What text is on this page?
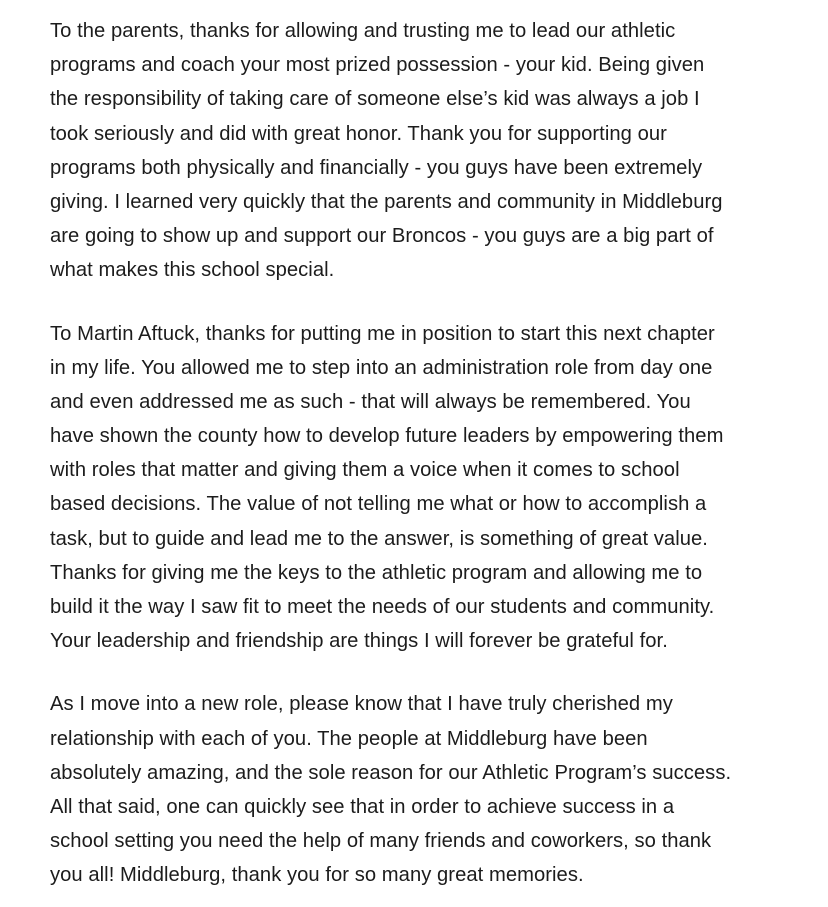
To the parents, thanks for allowing and trusting me to lead our athletic
programs and coach your most prized possession - your kid. Being given
the responsibility of taking care of someone else’s kid was always a job I
took seriously and did with great honor. Thank you for supporting our
programs both physically and financially - you guys have been extremely
giving. I learned very quickly that the parents and community in Middleburg
are going to show up and support our Broncos - you guys are a big part of
what makes this school special.

To Martin Aftuck, thanks for putting me in position to start this next chapter
in my life. You allowed me to step into an administration role from day one
and even addressed me as such - that will always be remembered. You
have shown the county how to develop future leaders by empowering them
with roles that matter and giving them a voice when it comes to school
based decisions. The value of not telling me what or how to accomplish a
task, but to guide and lead me to the answer, is something of great value.
Thanks for giving me the keys to the athletic program and allowing me to
build it the way I saw fit to meet the needs of our students and community.
Your leadership and friendship are things I will forever be grateful for.

As I move into a new role, please know that I have truly cherished my
relationship with each of you. The people at Middleburg have been
absolutely amazing, and the sole reason for our Athletic Program’s success.
All that said, one can quickly see that in order to achieve success in a
school setting you need the help of many friends and coworkers, so thank
you all! Middleburg, thank you for so many great memories.
